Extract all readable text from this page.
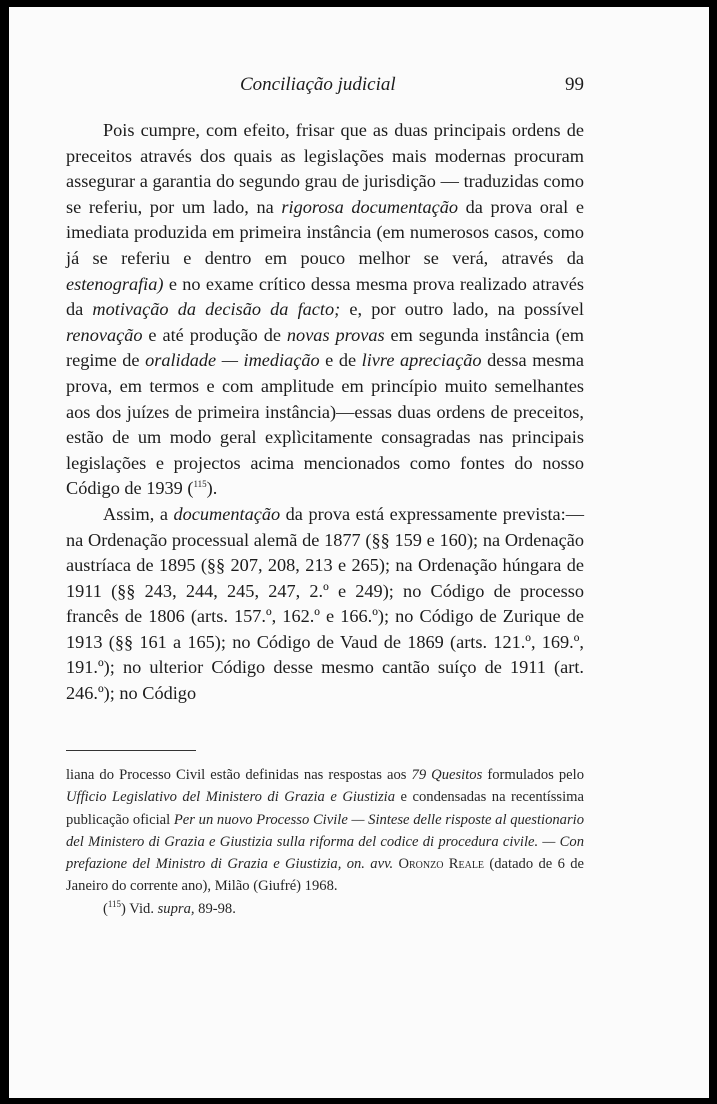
Conciliação judicial	99

Pois cumpre, com efeito, frisar que as duas principais ordens de preceitos através dos quais as legislações mais modernas procuram assegurar a garantia do segundo grau de jurisdição — traduzidas como se referiu, por um lado, na rigorosa documentação da prova oral e imediata produzida em primeira instância (em numerosos casos, como já se referiu e dentro em pouco melhor se verá, através da estenografia) e no exame crítico dessa mesma prova realizado através da motivação da decisão da facto; e, por outro lado, na possível renovação e até produção de novas provas em segunda instância (em regime de oralidade — imediação e de livre apreciação dessa mesma prova, em termos e com amplitude em princípio muito semelhantes aos dos juízes de primeira instância)—essas duas ordens de preceitos, estão de um modo geral explìcitamente consagradas nas principais legislações e projectos acima mencionados como fontes do nosso Código de 1939 ($^{115}$).

Assim, a documentação da prova está expressamente prevista:—na Ordenação processual alemã de 1877 (§§ 159 e 160); na Ordenação austríaca de 1895 (§§ 207, 208, 213 e 265); na Ordenação húngara de 1911 (§§ 243, 244, 245, 247, 2.º e 249); no Código de processo francês de 1806 (arts. 157.º, 162.º e 166.º); no Código de Zurique de 1913 (§§ 161 a 165); no Código de Vaud de 1869 (arts. 121.º, 169.º, 191.º); no ulterior Código desse mesmo cantão suíço de 1911 (art. 246.º); no Código

liana do Processo Civil estão definidas nas respostas aos 79 Quesitos formulados pelo Ufficio Legislativo del Ministero di Grazia e Giustizia e condensadas na recentíssima publicação oficial Per un nuovo Processo Civile — Sintese delle risposte al questionario del Ministero di Grazia e Giustizia sulla riforma del codice di procedura civile. — Con prefazione del Ministro di Grazia e Giustizia, on. avv. Oronzo Reale (datado de 6 de Janeiro do corrente ano), Milão (Giufré) 1968.

($^{115}$) Vid. supra, 89-98.
